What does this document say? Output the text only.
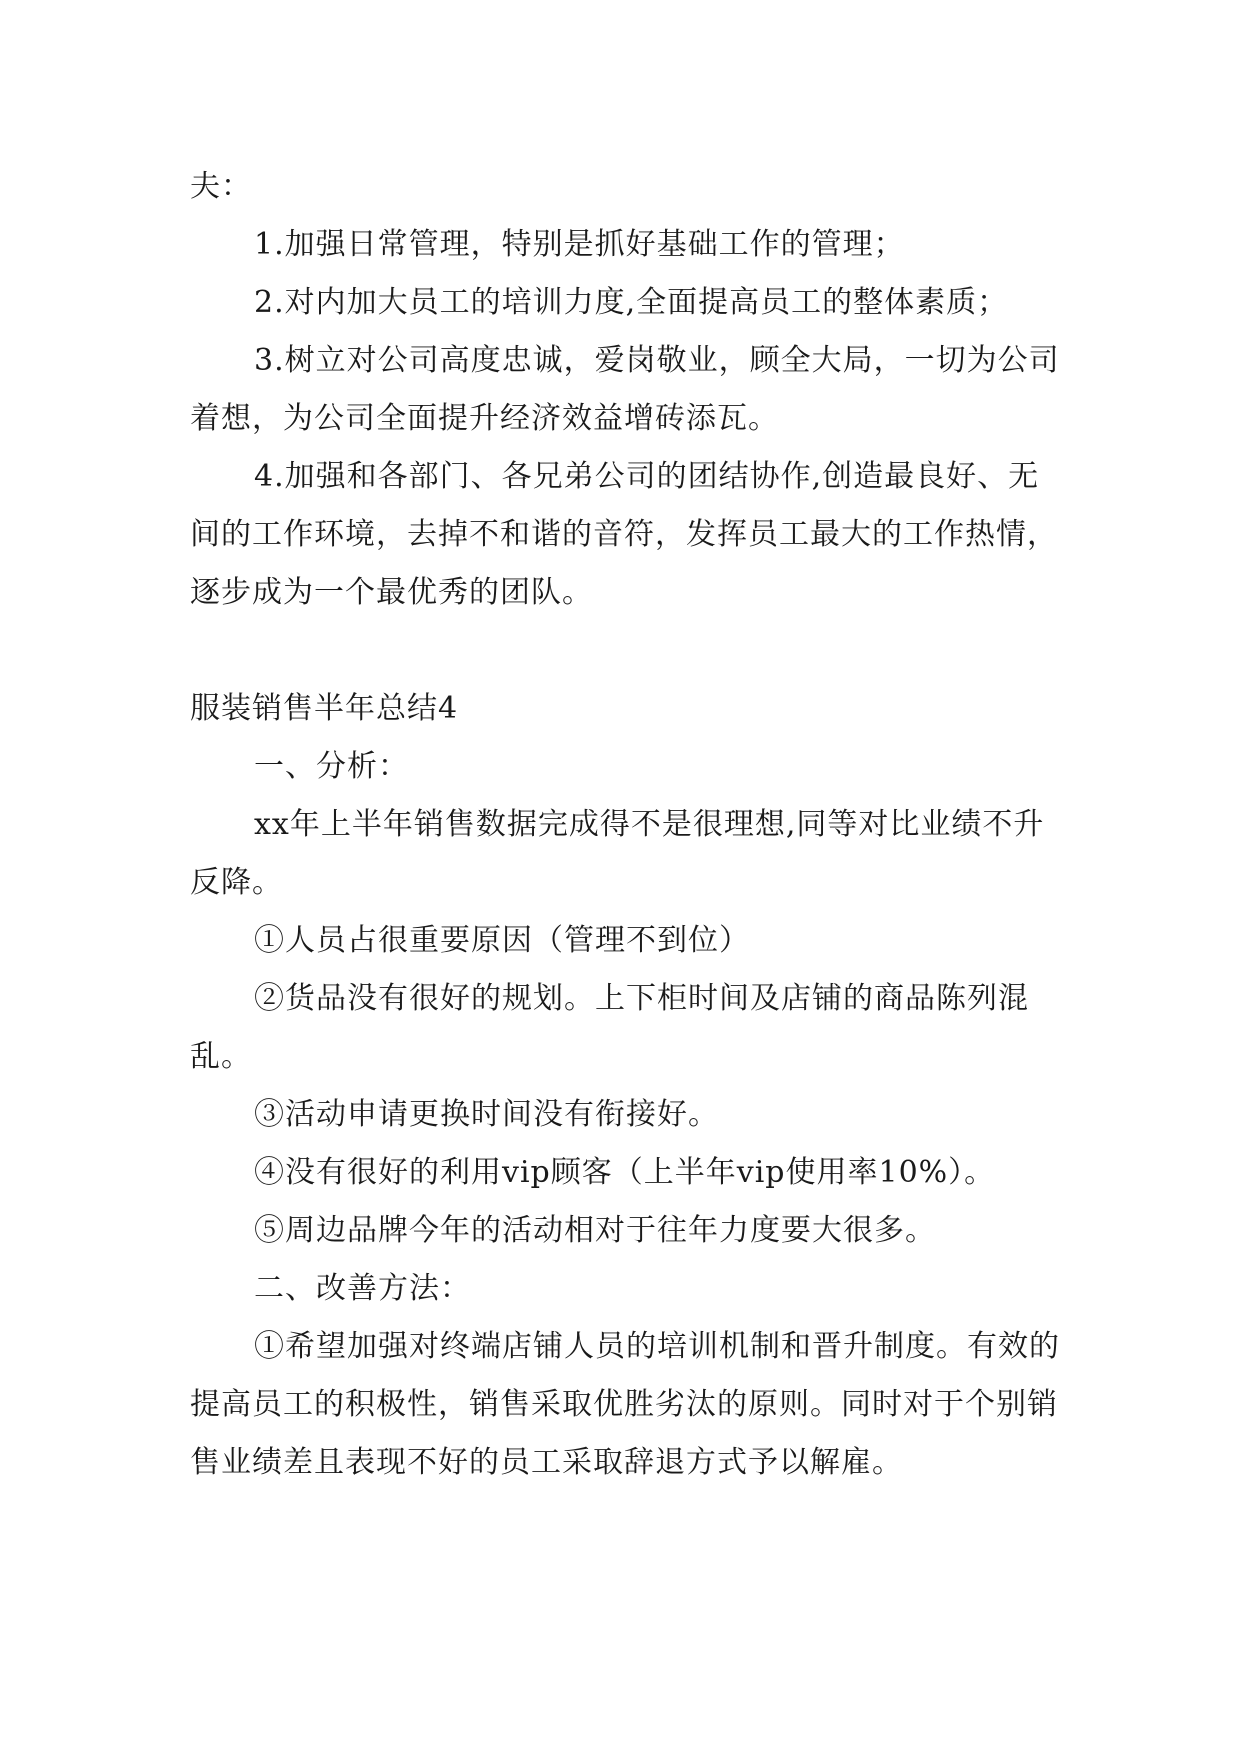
夫：

1.加强日常管理，特别是抓好基础工作的管理；

2.对内加大员工的培训力度,全面提高员工的整体素质；

3.树立对公司高度忠诚，爱岗敬业，顾全大局，一切为公司着想，为公司全面提升经济效益增砖添瓦。

4.加强和各部门、各兄弟公司的团结协作,创造最良好、无间的工作环境，去掉不和谐的音符，发挥员工最大的工作热情，逐步成为一个最优秀的团队。

服装销售半年总结4

一、分析：

xx年上半年销售数据完成得不是很理想,同等对比业绩不升反降。

①人员占很重要原因（管理不到位）

②货品没有很好的规划。上下柜时间及店铺的商品陈列混乱。

③活动申请更换时间没有衔接好。

④没有很好的利用vip顾客（上半年vip使用率10%）。

⑤周边品牌今年的活动相对于往年力度要大很多。

二、改善方法：

①希望加强对终端店铺人员的培训机制和晋升制度。有效的提高员工的积极性，销售采取优胜劣汰的原则。同时对于个别销售业绩差且表现不好的员工采取辞退方式予以解雇。
